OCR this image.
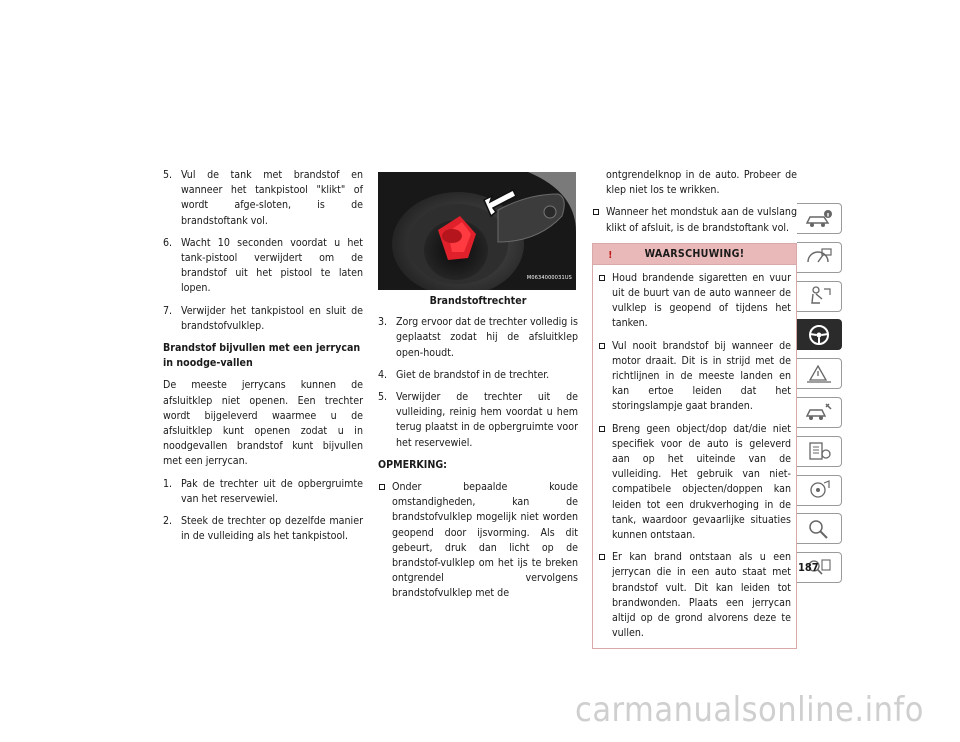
5. Vul de tank met brandstof en wanneer het tankpistool "klikt" of wordt afge-sloten, is de brandstoftank vol.
6. Wacht 10 seconden voordat u het tank-pistool verwijdert om de brandstof uit het pistool te laten lopen.
7. Verwijder het tankpistool en sluit de brandstofvulklep.
Brandstof bijvullen met een jerrycan in noodge-vallen

De meeste jerrycans kunnen de afsluitklep niet openen. Een trechter wordt bijgeleverd waarmee u de afsluitklep kunt openen zodat u in noodgevallen brandstof kunt bijvullen met een jerrycan.

1. Pak de trechter uit de opbergruimte van het reservewiel.
2. Steek de trechter op dezelfde manier in de vulleiding als het tankpistool.
M0634000031US
Brandstoftrechter
3. Zorg ervoor dat de trechter volledig is geplaatst zodat hij de afsluitklep open-houdt.
4. Giet de brandstof in de trechter.
5. Verwijder de trechter uit de vulleiding, reinig hem voordat u hem terug plaatst in de opbergruimte voor het reservewiel.
OPMERKING:
Onder bepaalde koude omstandigheden, kan de brandstofvulklep mogelijk niet worden geopend door ijsvorming. Als dit gebeurt, druk dan licht op de brandstof-vulklep om het ijs te breken ontgrendel vervolgens brandstofvulklep met de
ontgrendelknop in de auto. Probeer de klep niet los te wrikken.
Wanneer het mondstuk aan de vulslang klikt of afsluit, is de brandstoftank vol.
!	WAARSCHUWING!
Houd brandende sigaretten en vuur uit de buurt van de auto wanneer de vulklep is geopend of tijdens het tanken.
Vul nooit brandstof bij wanneer de motor draait. Dit is in strijd met de richtlijnen in de meeste landen en kan ertoe leiden dat het storingslampje gaat branden.
Breng geen object/dop dat/die niet specifiek voor de auto is geleverd aan op het uiteinde van de vulleiding. Het gebruik van niet-compatibele objecten/doppen kan leiden tot een drukverhoging in de tank, waardoor gevaarlijke situaties kunnen ontstaan.
Er kan brand ontstaan als u een jerrycan die in een auto staat met brandstof vult. Dit kan leiden tot brandwonden. Plaats een jerrycan altijd op de grond alvorens deze te vullen.
187
carmanualsonline.info
